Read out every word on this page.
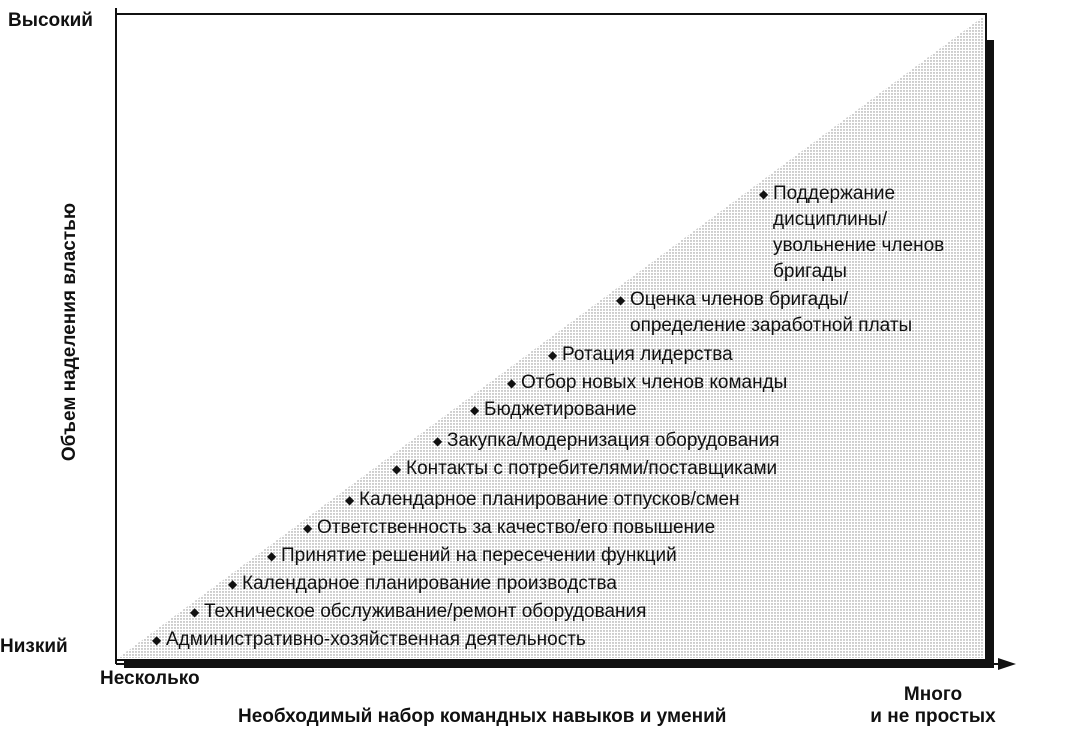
Высокий
Низкий
Объем наделения властью
Несколько
Необходимый набор командных навыков и умений
Много
и не простых
◆ Административно-хозяйственная деятельность
◆ Техническое обслуживание/ремонт оборудования
◆ Календарное планирование производства
◆ Принятие решений на пересечении функций
◆ Ответственность за качество/его повышение
◆ Календарное планирование отпусков/смен
◆ Контакты с потребителями/поставщиками
◆ Закупка/модернизация оборудования
◆ Бюджетирование
◆ Отбор новых членов команды
◆ Ротация лидерства
◆ Оценка членов бригады/
определение заработной платы
◆ Поддержание
дисциплины/
увольнение членов
бригады
